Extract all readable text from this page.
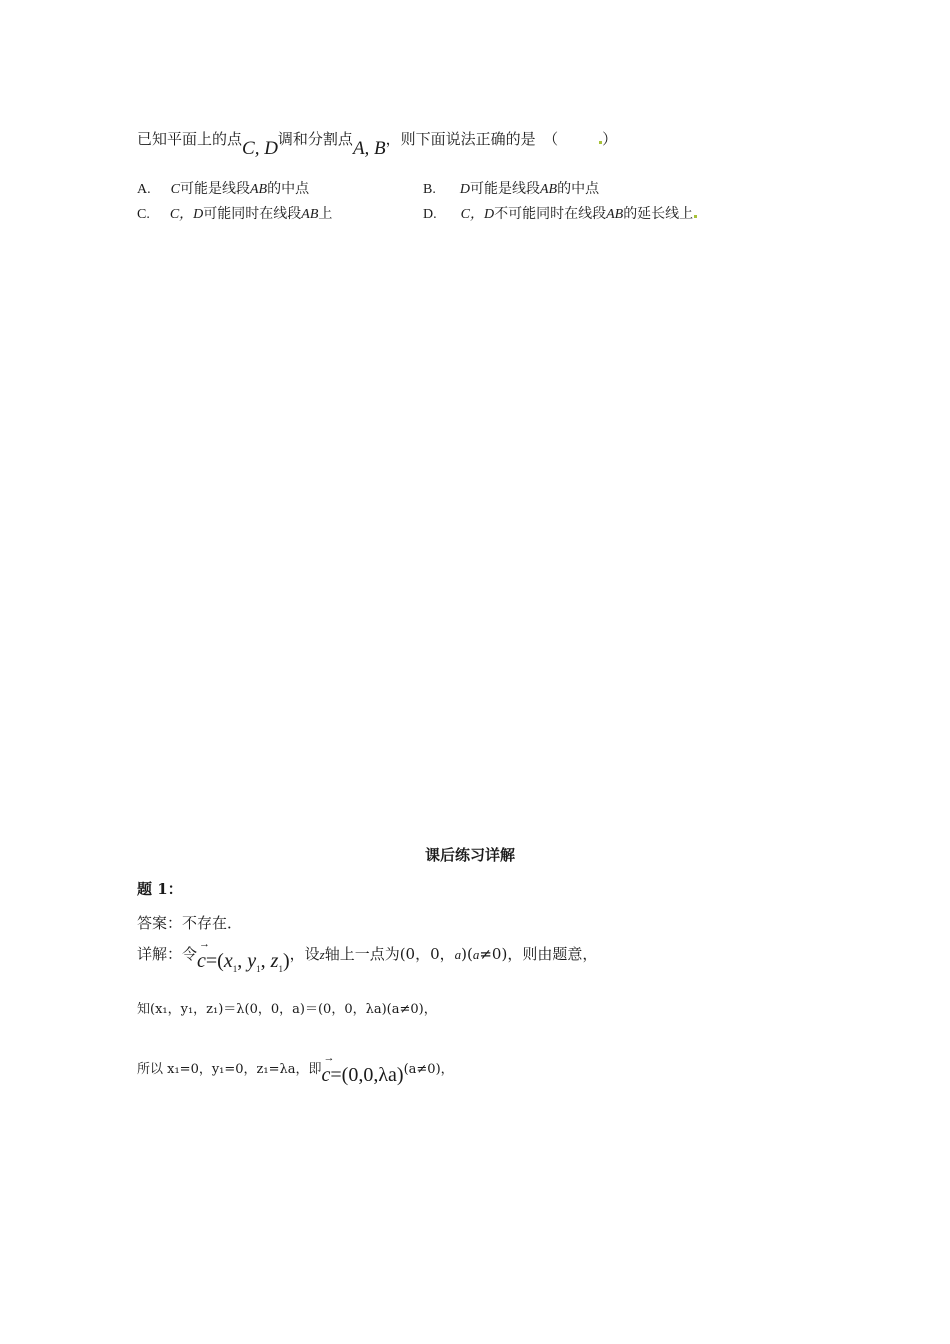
已知平面上的点C, D调和分割点A, B，则下面说法正确的是　（	）
A. C可能是线段AB的中点	B. D可能是线段AB的中点
C. C，D可能同时在线段AB上	D. C，D不可能同时在线段AB的延长线上
课后练习详解
题 1：
答案：不存在．
详解：令
→
$c=(x_1$, $y_1$, $z_1$)，设z轴上一点为(0，0，a)(a≠0)，则由题意，
知(x₁，y₁，z₁)＝λ(0，0，a)＝(0，0，λa)(a≠0)，
所以 x₁=0，y₁=0，z₁=λa，即
→
c=(0,0,λa)(a≠0)，
